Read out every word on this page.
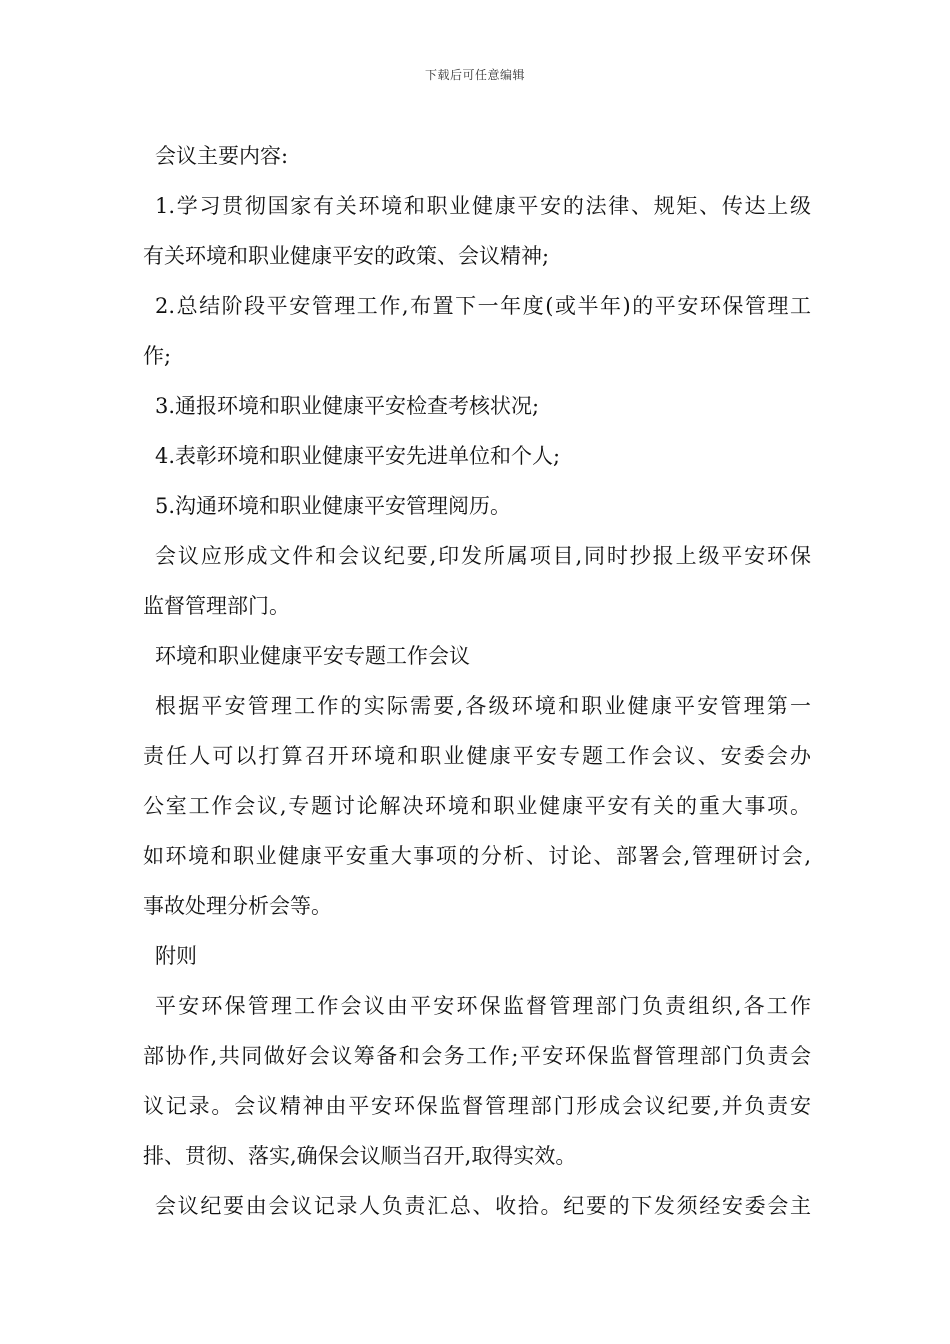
下载后可任意编辑
会议主要内容:
1.学习贯彻国家有关环境和职业健康平安的法律、规矩、传达上级
有关环境和职业健康平安的政策、会议精神;
2.总结阶段平安管理工作,布置下一年度(或半年)的平安环保管理工
作;
3.通报环境和职业健康平安检查考核状况;
4.表彰环境和职业健康平安先进单位和个人;
5.沟通环境和职业健康平安管理阅历。
会议应形成文件和会议纪要,印发所属项目,同时抄报上级平安环保
监督管理部门。
环境和职业健康平安专题工作会议
根据平安管理工作的实际需要,各级环境和职业健康平安管理第一
责任人可以打算召开环境和职业健康平安专题工作会议、安委会办
公室工作会议,专题讨论解决环境和职业健康平安有关的重大事项。
如环境和职业健康平安重大事项的分析、讨论、部署会,管理研讨会,
事故处理分析会等。
附则
平安环保管理工作会议由平安环保监督管理部门负责组织,各工作
部协作,共同做好会议筹备和会务工作;平安环保监督管理部门负责会
议记录。会议精神由平安环保监督管理部门形成会议纪要,并负责安
排、贯彻、落实,确保会议顺当召开,取得实效。
会议纪要由会议记录人负责汇总、收拾。纪要的下发须经安委会主
